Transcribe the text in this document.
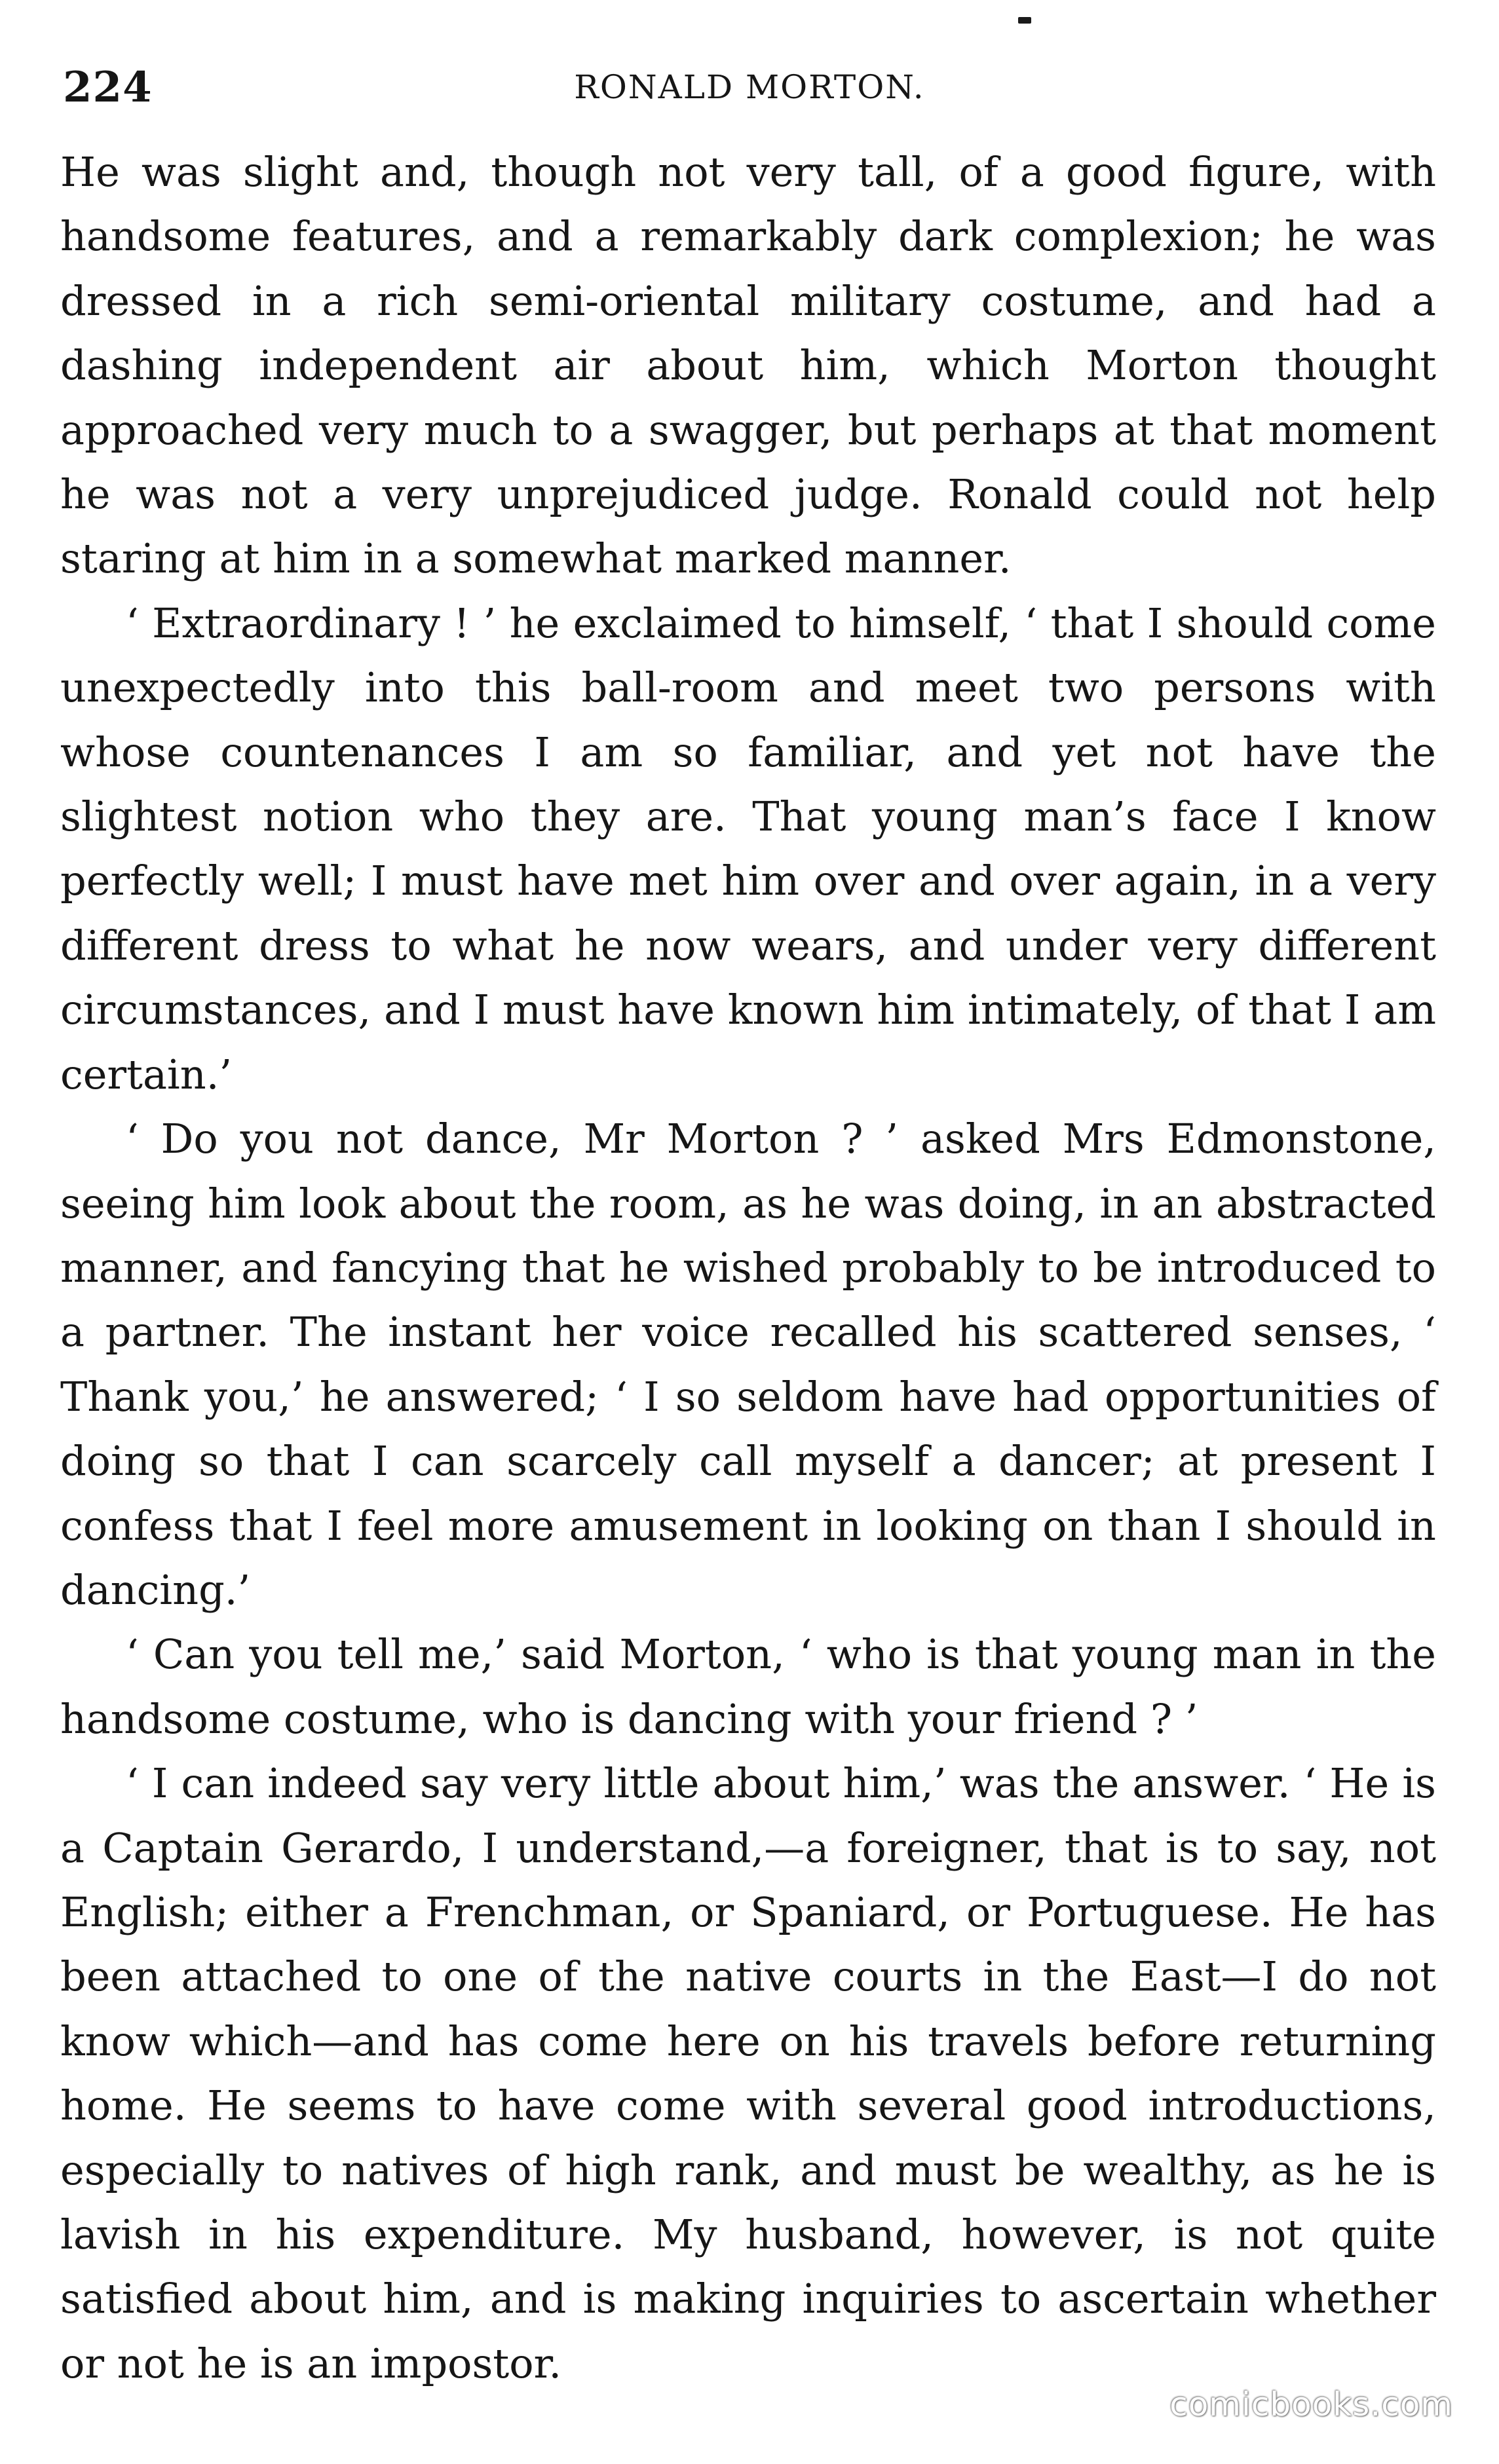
224	RONALD MORTON.

He was slight and, though not very tall, of a good figure, with handsome features, and a remarkably dark complexion; he was dressed in a rich semi-oriental military costume, and had a dashing independent air about him, which Morton thought approached very much to a swagger, but perhaps at that moment he was not a very unprejudiced judge. Ronald could not help staring at him in a somewhat marked manner.

‘ Extraordinary ! ’ he exclaimed to himself, ‘ that I should come unexpectedly into this ball-room and meet two persons with whose countenances I am so familiar, and yet not have the slightest notion who they are. That young man’s face I know perfectly well; I must have met him over and over again, in a very different dress to what he now wears, and under very different circumstances, and I must have known him intimately, of that I am certain.’

‘ Do you not dance, Mr Morton ? ’ asked Mrs Edmonstone, seeing him look about the room, as he was doing, in an abstracted manner, and fancying that he wished probably to be introduced to a partner. The instant her voice recalled his scattered senses, ‘ Thank you,’ he answered; ‘ I so seldom have had opportunities of doing so that I can scarcely call myself a dancer; at present I confess that I feel more amusement in looking on than I should in dancing.’

‘ Can you tell me,’ said Morton, ‘ who is that young man in the handsome costume, who is dancing with your friend ? ’

‘ I can indeed say very little about him,’ was the answer. ‘ He is a Captain Gerardo, I understand,—a foreigner, that is to say, not English; either a Frenchman, or Spaniard, or Portuguese. He has been attached to one of the native courts in the East—I do not know which—and has come here on his travels before returning home. He seems to have come with several good introductions, especially to natives of high rank, and must be wealthy, as he is lavish in his expenditure. My husband, however, is not quite satisfied about him, and is making inquiries to ascertain whether or not he is an impostor.

comicbooks.com
